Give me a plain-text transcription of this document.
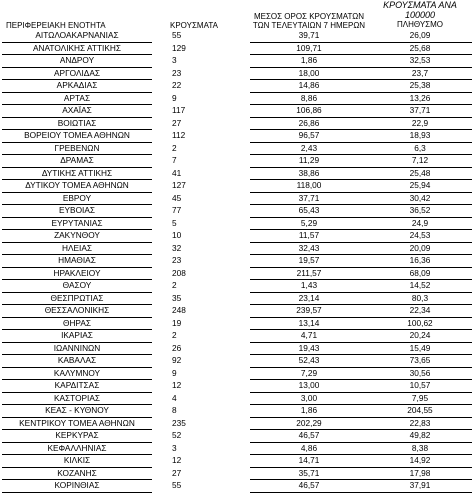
ΠΕΡΙΦΕΡΕΙΑΚΗ ΕΝΟΤΗΤΑ	ΚΡΟΥΣΜΑΤΑ	ΜΕΣΟΣ ΟΡΟΣ ΚΡΟΥΣΜΑΤΩΝ
ΤΩΝ ΤΕΛΕΥΤΑΙΩΝ 7 ΗΜΕΡΩΝ	ΚΡΟΥΣΜΑΤΑ ΑΝΑ 100000
ΠΛΗΘΥΣΜΟ

ΑΙΤΩΛΟΑΚΑΡΝΑΝΙΑΣ	55	39,71	26,09
ΑΝΑΤΟΛΙΚΗΣ ΑΤΤΙΚΗΣ	129	109,71	25,68
ΑΝΔΡΟΥ	3	1,86	32,53
ΑΡΓΟΛΙΔΑΣ	23	18,00	23,7
ΑΡΚΑΔΙΑΣ	22	14,86	25,38
ΑΡΤΑΣ	9	8,86	13,26
ΑΧΑΪΑΣ	117	106,86	37,71
ΒΟΙΩΤΙΑΣ	27	26,86	22,9
ΒΟΡΕΙΟΥ ΤΟΜΕΑ ΑΘΗΝΩΝ	112	96,57	18,93
ΓΡΕΒΕΝΩΝ	2	2,43	6,3
ΔΡΑΜΑΣ	7	11,29	7,12
ΔΥΤΙΚΗΣ ΑΤΤΙΚΗΣ	41	38,86	25,48
ΔΥΤΙΚΟΥ ΤΟΜΕΑ ΑΘΗΝΩΝ	127	118,00	25,94
ΕΒΡΟΥ	45	37,71	30,42
ΕΥΒΟΙΑΣ	77	65,43	36,52
ΕΥΡΥΤΑΝΙΑΣ	5	5,29	24,9
ΖΑΚΥΝΘΟΥ	10	11,57	24,53
ΗΛΕΙΑΣ	32	32,43	20,09
ΗΜΑΘΙΑΣ	23	19,57	16,36
ΗΡΑΚΛΕΙΟΥ	208	211,57	68,09
ΘΑΣΟΥ	2	1,43	14,52
ΘΕΣΠΡΩΤΙΑΣ	35	23,14	80,3
ΘΕΣΣΑΛΟΝΙΚΗΣ	248	239,57	22,34
ΘΗΡΑΣ	19	13,14	100,62
ΙΚΑΡΙΑΣ	2	4,71	20,24
ΙΩΑΝΝΙΝΩΝ	26	19,43	15,49
ΚΑΒΑΛΑΣ	92	52,43	73,65
ΚΑΛΥΜΝΟΥ	9	7,29	30,56
ΚΑΡΔΙΤΣΑΣ	12	13,00	10,57
ΚΑΣΤΟΡΙΑΣ	4	3,00	7,95
ΚΕΑΣ - ΚΥΘΝΟΥ	8	1,86	204,55
ΚΕΝΤΡΙΚΟΥ ΤΟΜΕΑ ΑΘΗΝΩΝ	235	202,29	22,83
ΚΕΡΚΥΡΑΣ	52	46,57	49,82
ΚΕΦΑΛΛΗΝΙΑΣ	3	4,86	8,38
ΚΙΛΚΙΣ	12	14,71	14,92
ΚΟΖΑΝΗΣ	27	35,71	17,98
ΚΟΡΙΝΘΙΑΣ	55	46,57	37,91
